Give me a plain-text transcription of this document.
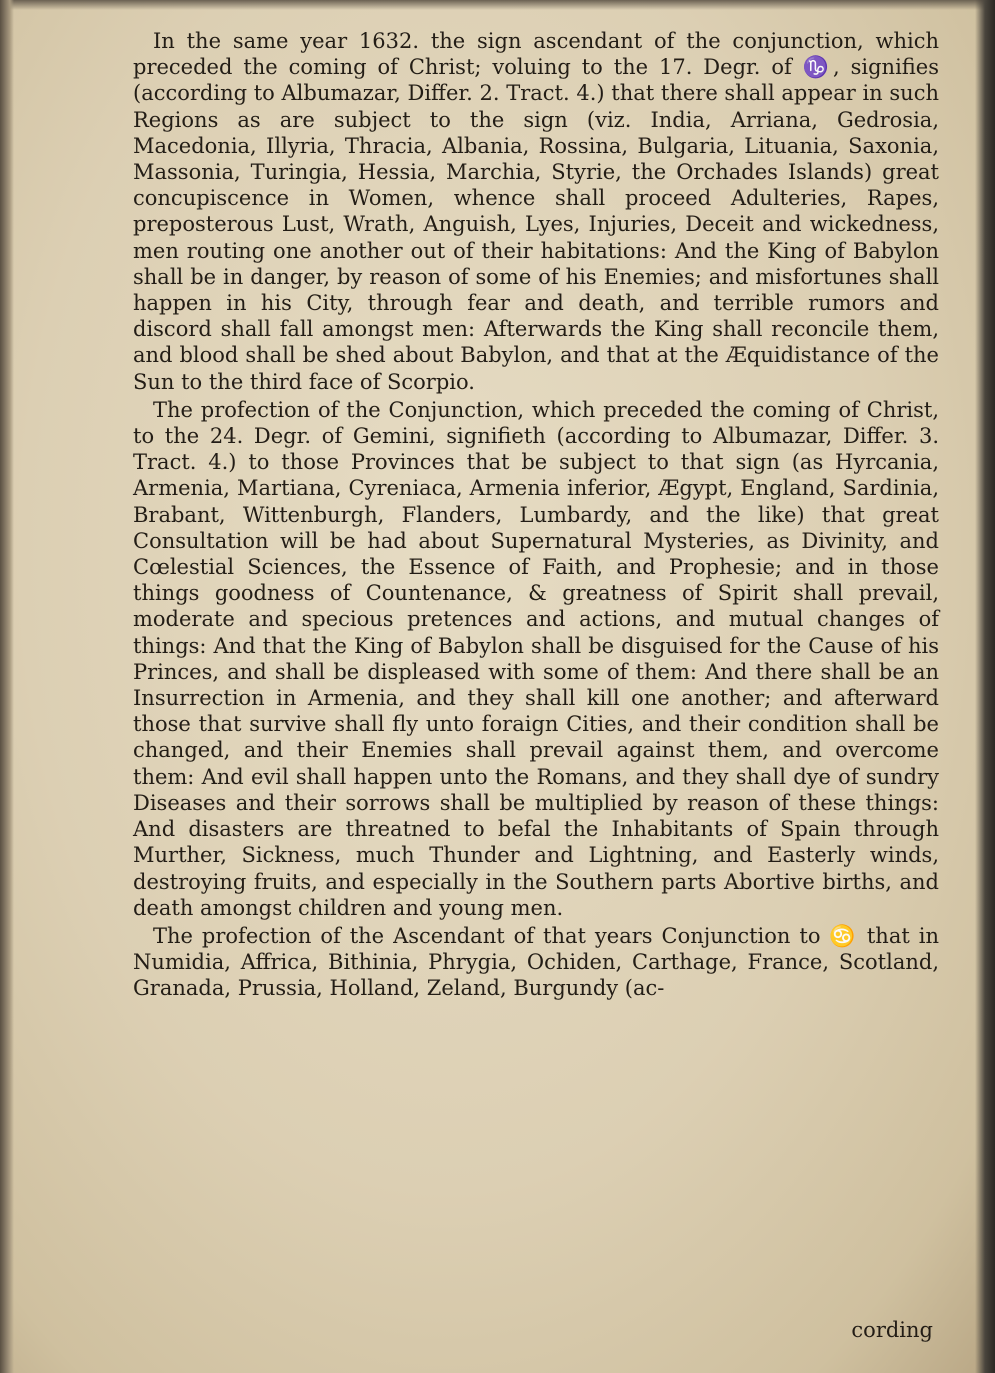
In the same year 1632. the sign ascendant of the conjunction, which preceded the coming of Christ; voluing to the 17. Degr. of ♑, signifies (according to Albumazar, Differ. 2. Tract. 4.) that there shall appear in such Regions as are subject to the sign (viz. India, Arriana, Gedrosia, Macedonia, Illyria, Thracia, Albania, Rossina, Bulgaria, Lituania, Saxonia, Massonia, Turingia, Hessia, Marchia, Styrie, the Orchades Islands) great concupiscence in Women, whence shall proceed Adulteries, Rapes, preposterous Lust, Wrath, Anguish, Lyes, Injuries, Deceit and wickedness, men routing one another out of their habitations: And the King of Babylon shall be in danger, by reason of some of his Enemies; and misfortunes shall happen in his City, through fear and death, and terrible rumors and discord shall fall amongst men: Afterwards the King shall reconcile them, and blood shall be shed about Babylon, and that at the Æquidistance of the Sun to the third face of Scorpio.

The profection of the Conjunction, which preceded the coming of Christ, to the 24. Degr. of Gemini, signifieth (according to Albumazar, Differ. 3. Tract. 4.) to those Provinces that be subject to that sign (as Hyrcania, Armenia, Martiana, Cyreniaca, Armenia inferior, Ægypt, England, Sardinia, Brabant, Wittenburgh, Flanders, Lumbardy, and the like) that great Consultation will be had about Supernatural Mysteries, as Divinity, and Cœlestial Sciences, the Essence of Faith, and Prophesie; and in those things goodness of Countenance, & greatness of Spirit shall prevail, moderate and specious pretences and actions, and mutual changes of things: And that the King of Babylon shall be disguised for the Cause of his Princes, and shall be displeased with some of them: And there shall be an Insurrection in Armenia, and they shall kill one another; and afterward those that survive shall fly unto foraign Cities, and their condition shall be changed, and their Enemies shall prevail against them, and overcome them: And evil shall happen unto the Romans, and they shall dye of sundry Diseases and their sorrows shall be multiplied by reason of these things: And disasters are threatned to befal the Inhabitants of Spain through Murther, Sickness, much Thunder and Lightning, and Easterly winds, destroying fruits, and especially in the Southern parts Abortive births, and death amongst children and young men.

The profection of the Ascendant of that years Conjunction to ♋ that in Numidia, Affrica, Bithinia, Phrygia, Ochiden, Carthage, France, Scotland, Granada, Prussia, Holland, Zeland, Burgundy (ac-

cording
